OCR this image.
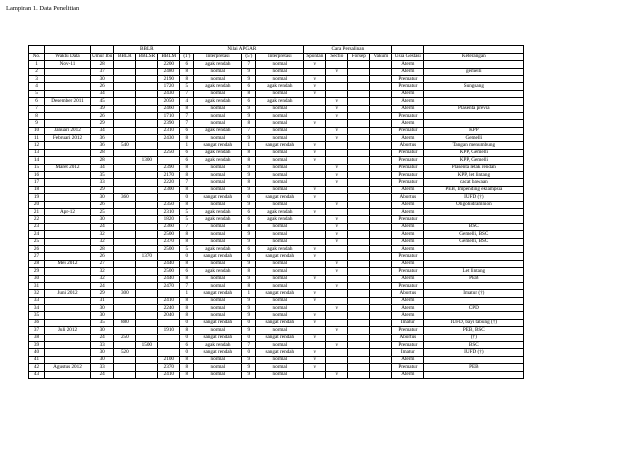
Lampiran 1. Data Penelitian
			BBLR			Nilai APGAR				Cara Persalinan					
No.	Waktu Data	Umur Ibu	BBLR	BBLSR	BBLM	(1')	Interpretasi	(5')	Interpretasi	Spontan	Sectio	Forsep	Vakum	Usia Gestasi	Keterangan
1	Nov-11	28			2200	6	agak rendah	7	normal	v				Aterm	
2		37			2480	8	normal	9	normal		v			Aterm	gemelli
3		30			2190	8	normal	9	normal	v				Prematur	
4		26			1720	5	agak rendah	6	agak rendah	v				Prematur	Sungsang
5		34			2430	7	normal	8	normal	v				Aterm	
6	Desember 2011	45			2050	4	agak rendah	6	agak rendah		v			Aterm	
7		39			2460	8	normal	9	normal		v			Aterm	Plasenta previa
8		26			1710	7	normal	9	normal		v			Prematur	
9		29			2390	7	normal	8	normal	v				Aterm	
10	Januari 2012	34			2310	6	agak rendah	7	normal		v			Prematur	KPP
11	Februari 2012	36			2430	8	normal	9	normal		v			Aterm	Gemelli
12		36	540			1	sangat rendah	1	sangat rendah	v				Abortus	Tangan menumbung
13		28			2250	6	agak rendah	8	normal	v				Prematur	KPP, Gemelli
14		28		1300		6	agak rendah	8	normal	v				Prematur	KPP, Gemelli
15	Maret 2012	34			2390	8	normal	9	normal		v			Prematur	Plasenta letak rendah
16		35			2170	8	normal	9	normal		v			Prematur	KPP, let lintang
17		33			2220	7	normal	8	normal		v			Prematur	cacat bawaan
18		29			2300	8	normal	9	normal	v				Aterm	PEB, Impending eklampsia
19		30	360			0	sangat rendah	0	sangat rendah	v				Abortus	IUFD (†)
20		26			2350	8	normal	9	normal		v			Aterm	Oligohidramnion
21	Apr-12	25			2310	5	agak rendah	6	agak rendah	v				Aterm	
22		30			1820	5	agak rendah	6	agak rendah		v			Prematur	
23		24			2360	7	normal	8	normal		v			Aterm	BSC
24		32			2500	8	normal	9	normal		v			Aterm	Gemelli, BSC
25		32			2370	8	normal	9	normal		v			Aterm	Gemelli, BSC
26		28			2500	5	agak rendah	6	agak rendah	v				Aterm	
27		26		1370		0	sangat rendah	0	sangat rendah	v				Prematur	
28	Mei 2012	27			2440	8	normal	9	normal		v			Aterm	
29		32			2500	6	agak rendah	8	normal		v			Prematur	Let lintang
30		32			2440	8	normal	9	normal	v				Aterm	PEB
31		24			2470	7	normal	8	normal		v			Prematur	
32	Juni 2012	29	300			1	sangat rendah	1	sangat rendah	v				Abortus	Imatur (†)
33		31			2410	8	normal	9	normal	v				Aterm	
34		30			2240	8	normal	9	normal		v			Aterm	CPD
35		30			2040	8	normal	9	normal	v				Aterm	
36		35	880			0	sangat rendah	0	sangat rendah	v				Imatur	IUFD, bayi tabung (†)
37	Juli 2012	30			1910	8	normal	9	normal		v			Prematur	PEB, BSC
38		24	250			0	sangat rendah	0	sangat rendah	v				Abortus	(†)
39		33		1500		6	agak rendah	7	normal		v			Prematur	BSC
40		30	520			0	sangat rendah	0	sangat rendah	v				Imatur	IUFD (†)
41		30			2100	8	normal	9	normal	v				Aterm	
42	Agustus 2012	33			2370	8	normal	9	normal	v				Prematur	PEB
43		24			2410	8	normal	9	normal		v			Aterm	
